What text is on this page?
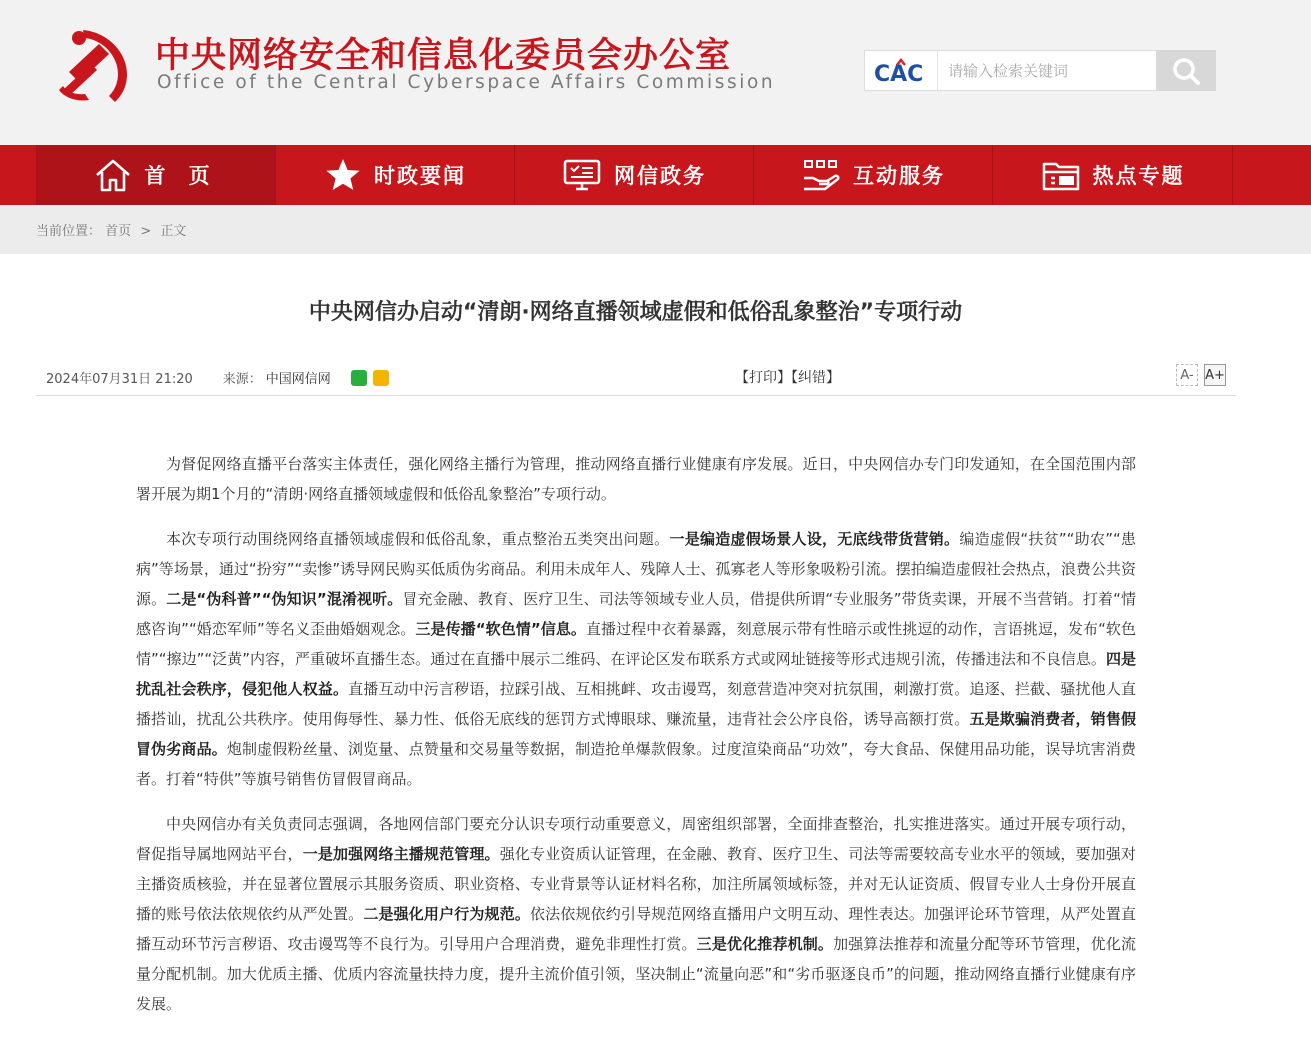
中央网络安全和信息化委员会办公室
Office of the Central Cyberspace Affairs Commission	CAC
请输入检索关键词
首 页	时政要闻	网信政务	互动服务	热点专题
当前位置： 首页 > 正文
中央网信办启动“清朗·网络直播领域虚假和低俗乱象整治”专项行动
2024年07月31日 21:20 来源： 中国网信网	【打印】【纠错】	A- A+

为督促网络直播平台落实主体责任，强化网络主播行为管理，推动网络直播行业健康有序发展。近日，中央网信办专门印发通知，在全国范围内部署开展为期1个月的“清朗·网络直播领域虚假和低俗乱象整治”专项行动。

本次专项行动围绕网络直播领域虚假和低俗乱象，重点整治五类突出问题。一是编造虚假场景人设，无底线带货营销。编造虚假“扶贫”“助农”“患病”等场景，通过“扮穷”“卖惨”诱导网民购买低质伪劣商品。利用未成年人、残障人士、孤寡老人等形象吸粉引流。摆拍编造虚假社会热点，浪费公共资源。二是“伪科普”“伪知识”混淆视听。冒充金融、教育、医疗卫生、司法等领域专业人员，借提供所谓“专业服务”带货卖课，开展不当营销。打着“情感咨询”“婚恋军师”等名义歪曲婚姻观念。三是传播“软色情”信息。直播过程中衣着暴露，刻意展示带有性暗示或性挑逗的动作，言语挑逗，发布“软色情”“擦边”“泛黄”内容，严重破坏直播生态。通过在直播中展示二维码、在评论区发布联系方式或网址链接等形式违规引流，传播违法和不良信息。四是扰乱社会秩序，侵犯他人权益。直播互动中污言秽语，拉踩引战、互相挑衅、攻击谩骂，刻意营造冲突对抗氛围，刺激打赏。追逐、拦截、骚扰他人直播搭讪，扰乱公共秩序。使用侮辱性、暴力性、低俗无底线的惩罚方式博眼球、赚流量，违背社会公序良俗，诱导高额打赏。五是欺骗消费者，销售假冒伪劣商品。炮制虚假粉丝量、浏览量、点赞量和交易量等数据，制造抢单爆款假象。过度渲染商品“功效”，夸大食品、保健用品功能，误导坑害消费者。打着“特供”等旗号销售仿冒假冒商品。

中央网信办有关负责同志强调，各地网信部门要充分认识专项行动重要意义，周密组织部署，全面排查整治，扎实推进落实。通过开展专项行动，督促指导属地网站平台，一是加强网络主播规范管理。强化专业资质认证管理，在金融、教育、医疗卫生、司法等需要较高专业水平的领域，要加强对主播资质核验，并在显著位置展示其服务资质、职业资格、专业背景等认证材料名称，加注所属领域标签，并对无认证资质、假冒专业人士身份开展直播的账号依法依规依约从严处置。二是强化用户行为规范。依法依规依约引导规范网络直播用户文明互动、理性表达。加强评论环节管理，从严处置直播互动环节污言秽语、攻击谩骂等不良行为。引导用户合理消费，避免非理性打赏。三是优化推荐机制。加强算法推荐和流量分配等环节管理，优化流量分配机制。加大优质主播、优质内容流量扶持力度，提升主流价值引领，坚决制止“流量向恶”和“劣币驱逐良币”的问题，推动网络直播行业健康有序发展。
